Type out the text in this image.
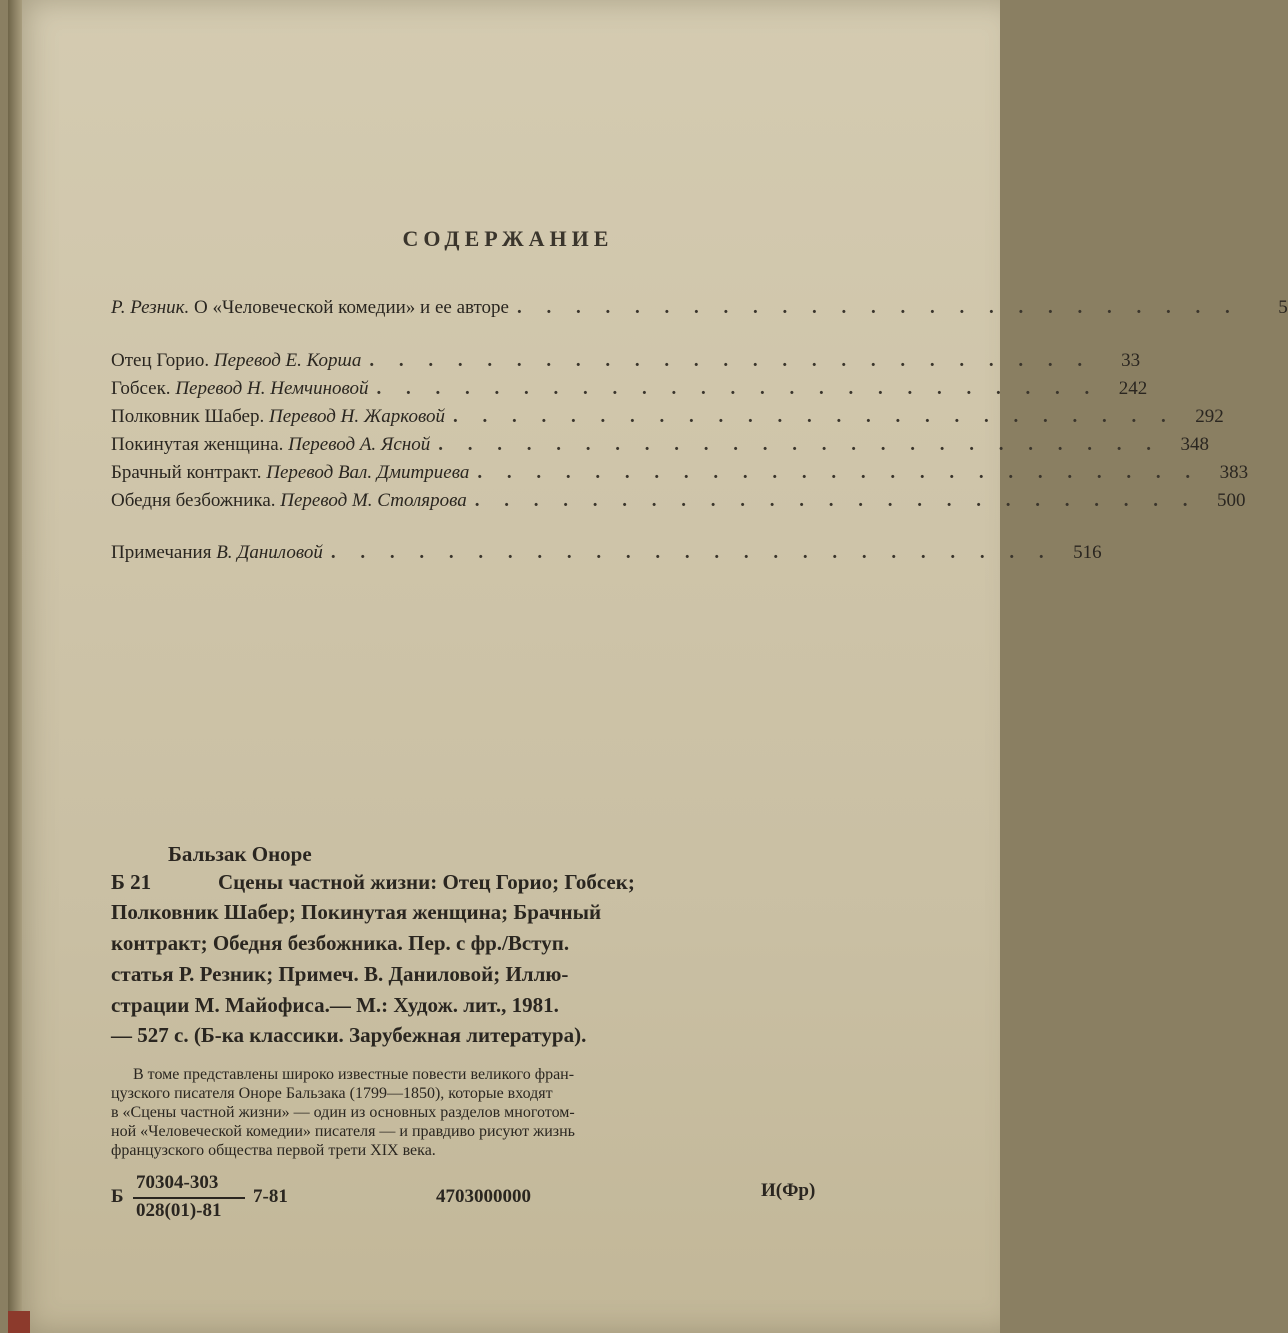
СОДЕРЖАНИЕ
Р. Резник. О «Человеческой комедии» и ее авторе . . . . . . . . . . . . . . . . . . . . . . . . .	5
Отец Горио. Перевод Е. Корша . . . . . . . . . . . . . . . . . . . . . . . . .	33
Гобсек. Перевод Н. Немчиновой . . . . . . . . . . . . . . . . . . . . . . . . .	242
Полковник Шабер. Перевод Н. Жарковой . . . . . . . . . . . . . . . . . . . . . . . . .	292
Покинутая женщина. Перевод А. Ясной . . . . . . . . . . . . . . . . . . . . . . . . .	348
Брачный контракт. Перевод Вал. Дмитриева . . . . . . . . . . . . . . . . . . . . . . . . .	383
Обедня безбожника. Перевод М. Столярова . . . . . . . . . . . . . . . . . . . . . . . . .	500
Примечания В. Даниловой . . . . . . . . . . . . . . . . . . . . . . . . .	516
Бальзак Оноре
Б 21	Сцены частной жизни: Отец Горио; Гобсек;
Полковник Шабер; Покинутая женщина; Брачный
контракт; Обедня безбожника. Пер. с фр./Вступ.
статья Р. Резник; Примеч. В. Даниловой; Иллю-
страции М. Майофиса.— М.: Худож. лит., 1981.
— 527 с. (Б-ка классики. Зарубежная литература).
В томе представлены широко известные повести великого фран-
цузского писателя Оноре Бальзака (1799—1850), которые входят
в «Сцены частной жизни» — один из основных разделов многотом-
ной «Человеческой комедии» писателя — и правдиво рисуют жизнь
французского общества первой трети XIX века.
Б
70304-303
028(01)-81
7-81	4703000000	И(Фр)
